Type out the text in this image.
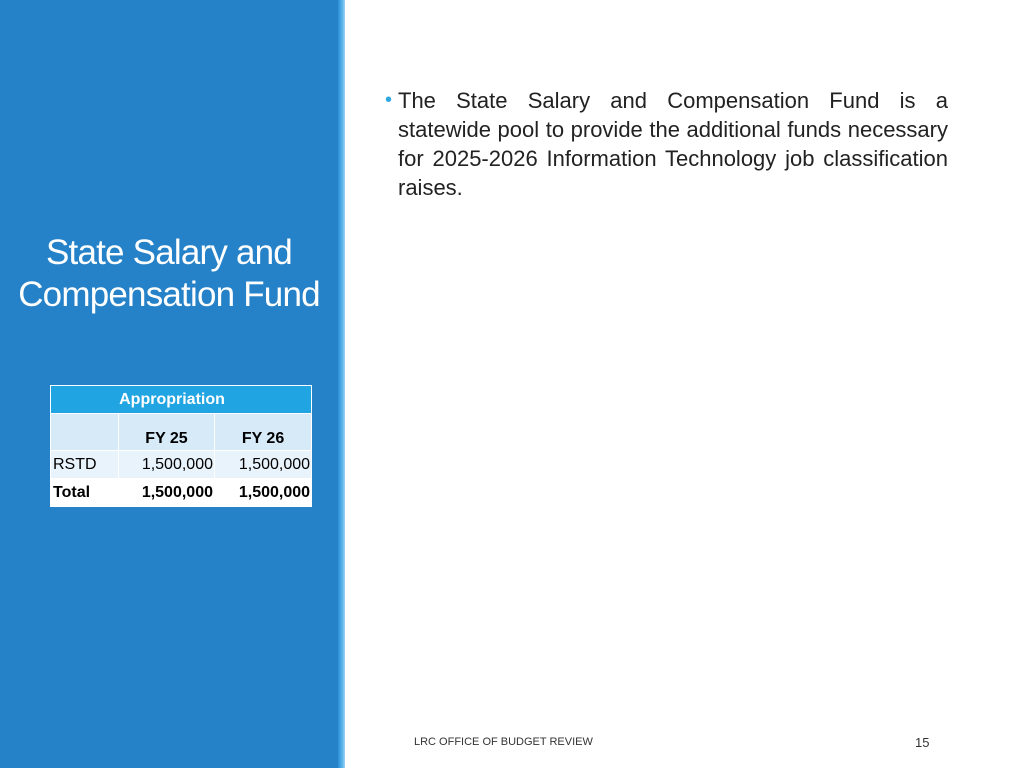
State Salary and Compensation Fund
Appropriation		
	FY 25	FY 26
RSTD	1,500,000	1,500,000
Total	1,500,000	1,500,000
• The State Salary and Compensation Fund is a statewide pool to provide the additional funds necessary for 2025-2026 Information Technology job classification raises.
LRC OFFICE OF BUDGET REVIEW	15
